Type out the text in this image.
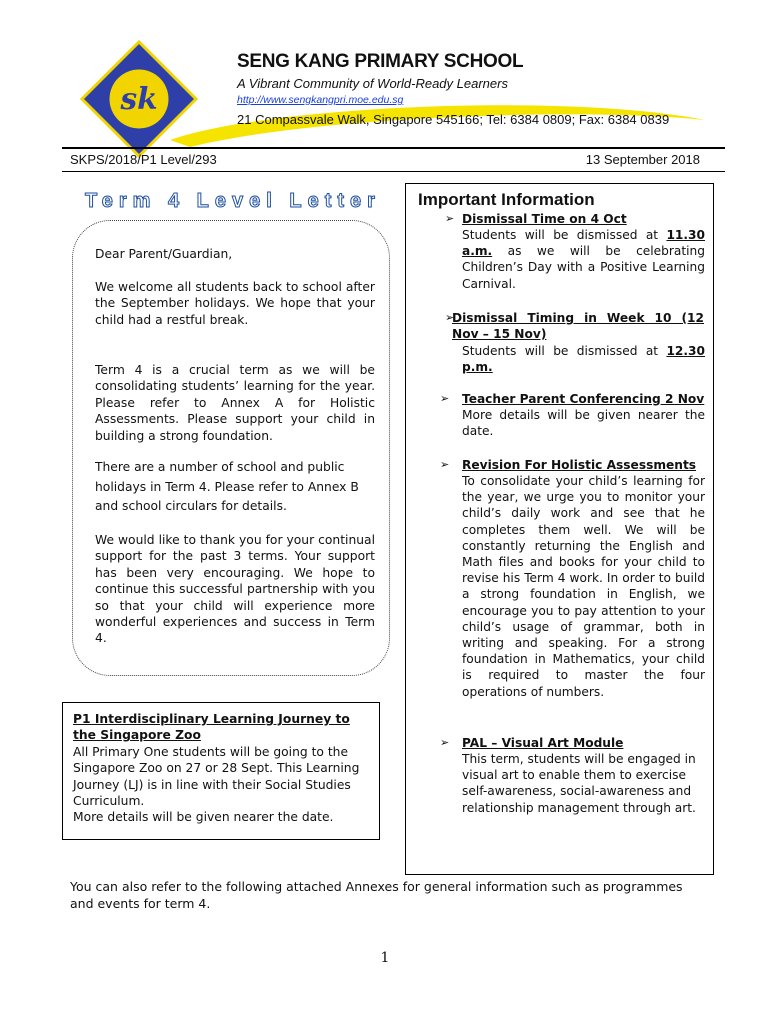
sk
SENG KANG PRIMARY SCHOOL
A Vibrant Community of World-Ready Learners
http://www.sengkangpri.moe.edu.sg
21 Compassvale Walk, Singapore 545166; Tel: 6384 0809; Fax: 6384 0839
SKPS/2018/P1 Level/293	13 September 2018
Term 4 Level Letter
Dear Parent/Guardian,
We welcome all students back to school after the September holidays. We hope that your child had a restful break.
Term 4 is a crucial term as we will be consolidating students’ learning for the year. Please refer to Annex A for Holistic Assessments. Please support your child in building a strong foundation.
There are a number of school and public holidays in Term 4. Please refer to Annex B and school circulars for details.
We would like to thank you for your continual support for the past 3 terms. Your support has been very encouraging. We hope to continue this successful partnership with you so that your child will experience more wonderful experiences and success in Term 4.
P1 Interdisciplinary Learning Journey to the Singapore Zoo
All Primary One students will be going to the Singapore Zoo on 27 or 28 Sept. This Learning Journey (LJ) is in line with their Social Studies Curriculum.
More details will be given nearer the date.
Important Information
➢ Dismissal Time on 4 Oct
Students will be dismissed at 11.30 a.m. as we will be celebrating Children’s Day with a Positive Learning Carnival.
➢
Dismissal Timing in Week 10 (12 Nov – 15 Nov)
Students will be dismissed at 12.30 p.m.
➢ Teacher Parent Conferencing 2 Nov
More details will be given nearer the date.
➢ Revision For Holistic Assessments
To consolidate your child’s learning for the year, we urge you to monitor your child’s daily work and see that he completes them well. We will be constantly returning the English and Math files and books for your child to revise his Term 4 work. In order to build a strong foundation in English, we encourage you to pay attention to your child’s usage of grammar, both in writing and speaking. For a strong foundation in Mathematics, your child is required to master the four operations of numbers.
➢ PAL – Visual Art Module
This term, students will be engaged in visual art to enable them to exercise self-awareness, social-awareness and relationship management through art.
You can also refer to the following attached Annexes for general information such as programmes and events for term 4.
1
